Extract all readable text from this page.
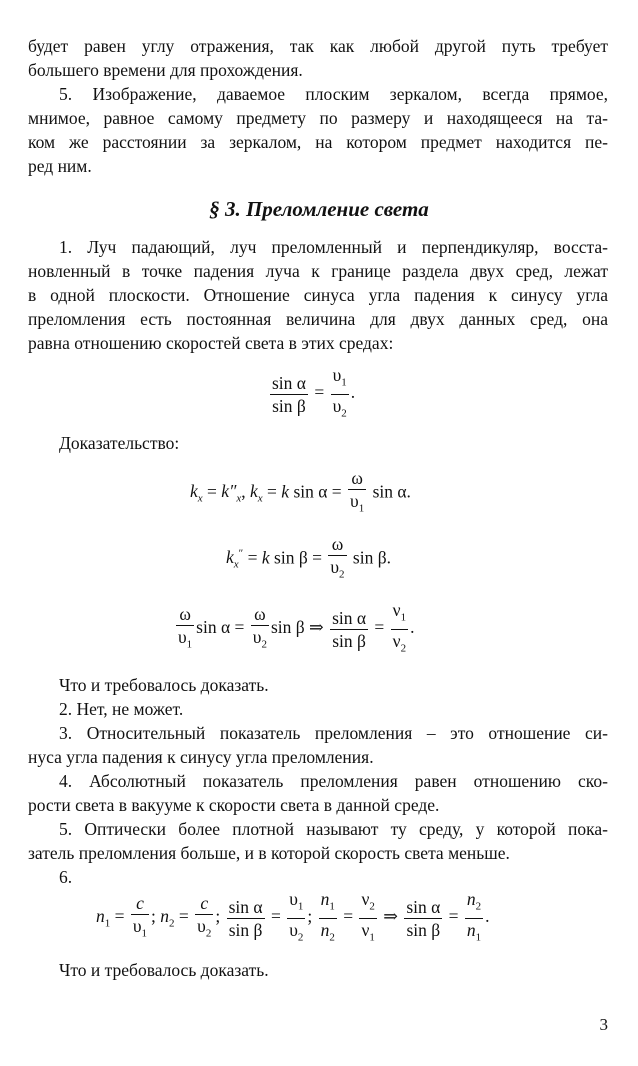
будет равен углу отражения, так как любой другой путь требует
большего времени для прохождения.
5. Изображение, даваемое плоским зеркалом, всегда прямое,
мнимое, равное самому предмету по размеру и находящееся на та-
ком же расстоянии за зеркалом, на котором предмет находится пе-
ред ним.
§ 3. Преломление света
1. Луч падающий, луч преломленный и перпендикуляр, восста-
новленный в точке падения луча к границе раздела двух сред, лежат
в одной плоскости. Отношение синуса угла падения к синусу угла
преломления есть постоянная величина для двух данных сред, она
равна отношению скоростей света в этих средах:
$\frac{\text{sin α}}{\text{sin β}} = \frac{\upsilon_1}{\upsilon_2}$ .
Доказательство:
$k_x = k''_x$, $k_x = k$ $\sin \alpha = \frac{\omega}{\upsilon_1}$ sin α.
$k_x'' = k$ $\sin \beta = \frac{\omega}{\upsilon_2}$ sin β.
$\frac{\omega}{\upsilon_1}$ $\sin \alpha = \frac{\omega}{\upsilon_2}$ sin β ⇒ $\frac{\text{sin α}}{\text{sin β}} = \frac{\nu_1}{\nu_2}$ .
Что и требовалось доказать.
2. Нет, не может.
3. Относительный показатель преломления – это отношение си-
нуса угла падения к синусу угла преломления.
4. Абсолютный показатель преломления равен отношению ско-
рости света в вакууме к скорости света в данной среде.
5. Оптически более плотной называют ту среду, у которой пока-
затель преломления больше, и в которой скорость света меньше.
6.
$n_1 = \frac{c}{\upsilon_1}$ ; $n_2 = \frac{c}{\upsilon_2}$ ; $\frac{\text{sin α}}{\text{sin β}} = \frac{\upsilon_1}{\upsilon_2}$ ; $\frac{n_1}{n_2} = \frac{\nu_2}{\nu_1}$ ⇒ $\frac{\text{sin α}}{\text{sin β}} = \frac{n_2}{n_1}$ .
Что и требовалось доказать.
3
